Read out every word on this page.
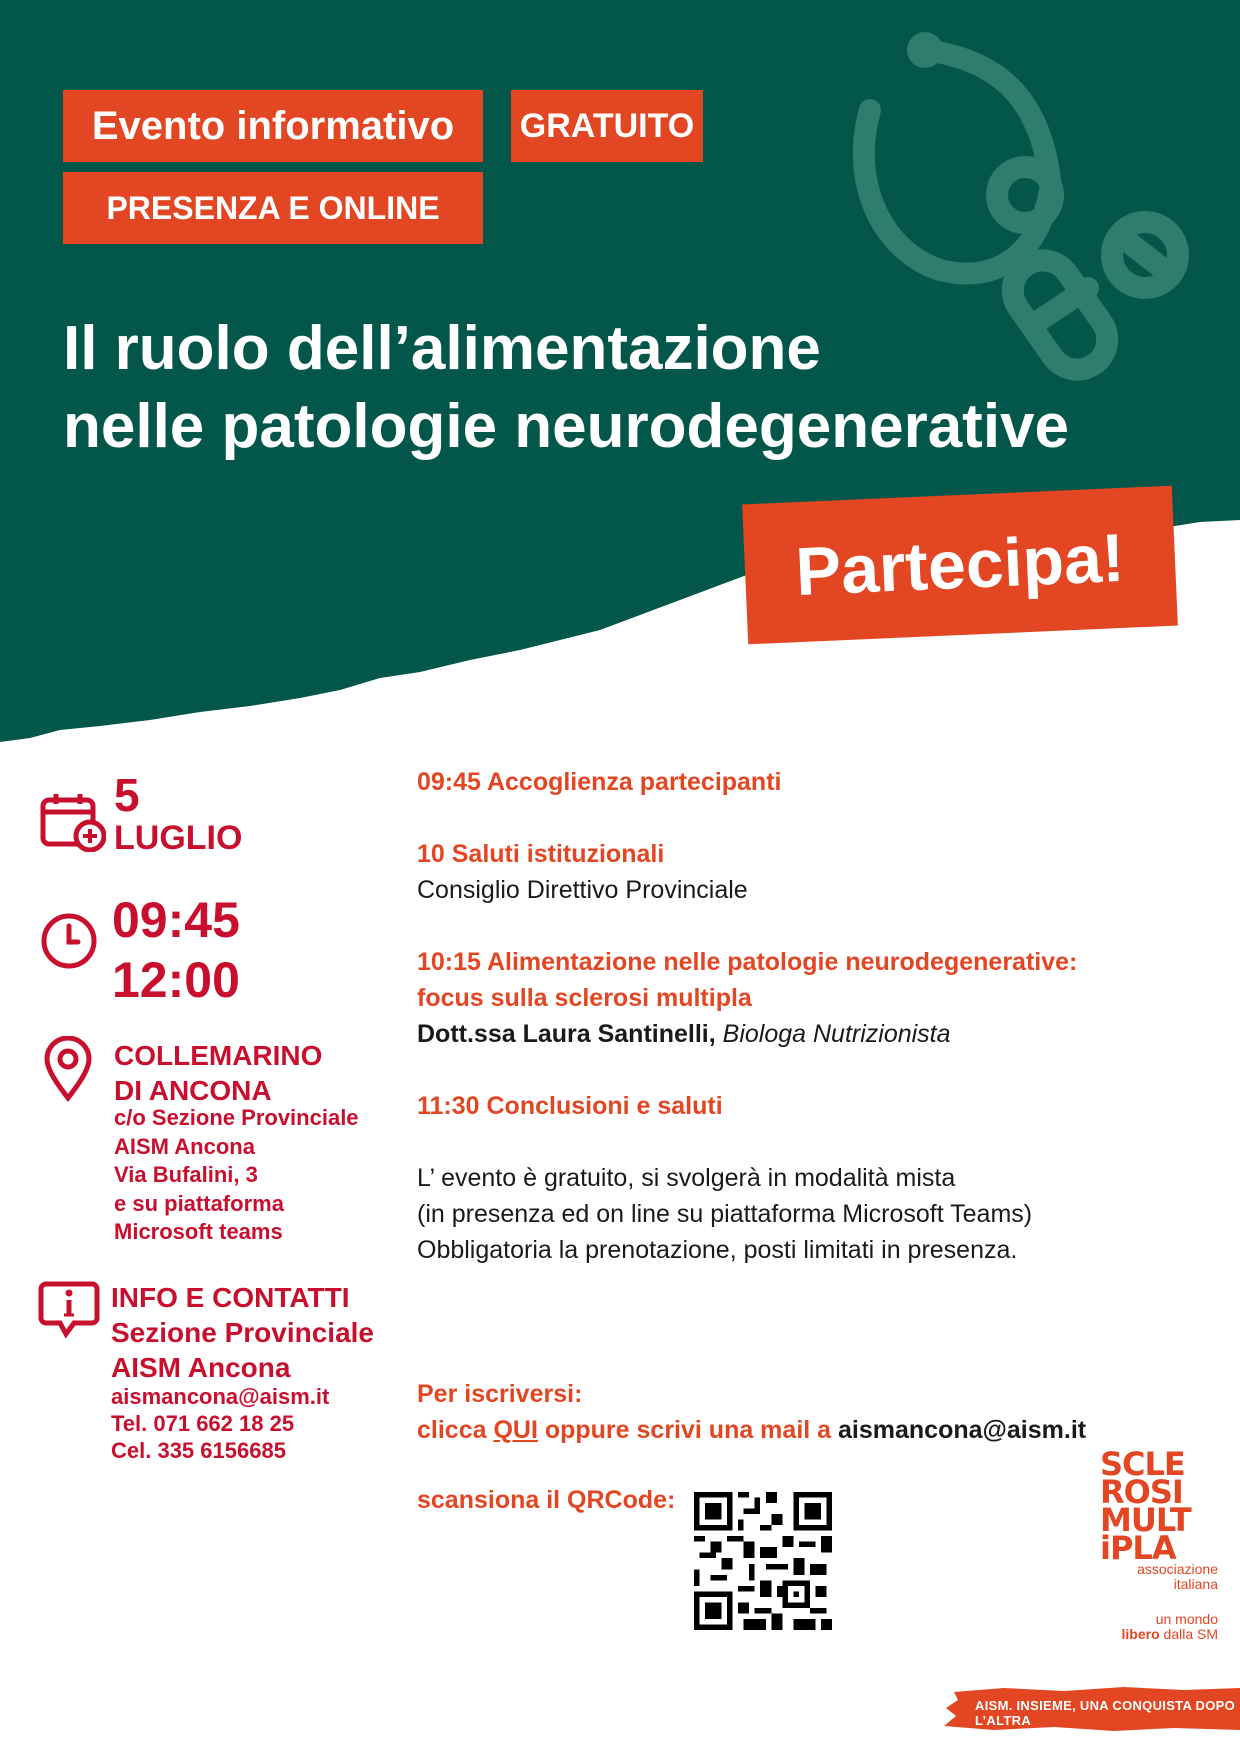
Evento informativo	GRATUITO
PRESENZA E ONLINE
Il ruolo dell’alimentazione
nelle patologie neurodegenerative
Partecipa!
5
LUGLIO
09:45
12:00
COLLEMARINO
DI ANCONA
c/o Sezione Provinciale
AISM Ancona
Via Bufalini, 3
e su piattaforma
Microsoft teams
INFO E CONTATTI
Sezione Provinciale
AISM Ancona
aismancona@aism.it
Tel. 071 662 18 25
Cel. 335 6156685

09:45 Accoglienza partecipanti

10 Saluti istituzionali

Consiglio Direttivo Provinciale

10:15 Alimentazione nelle patologie neurodegenerative:

focus sulla sclerosi multipla

Dott.ssa Laura Santinelli, Biologa Nutrizionista

11:30 Conclusioni e saluti

L’ evento è gratuito, si svolgerà in modalità mista

(in presenza ed on line su piattaforma Microsoft Teams)

Obbligatoria la prenotazione, posti limitati in presenza.

Per iscriversi:
clicca QUI oppure scrivi una mail a aismancona@aism.it
scansiona il QRCode:
SCLE
ROSI
MULT
iPLA
associazione
italiana
un mondo
libero dalla SM
AISM. INSIEME, UNA CONQUISTA DOPO L’ALTRA
